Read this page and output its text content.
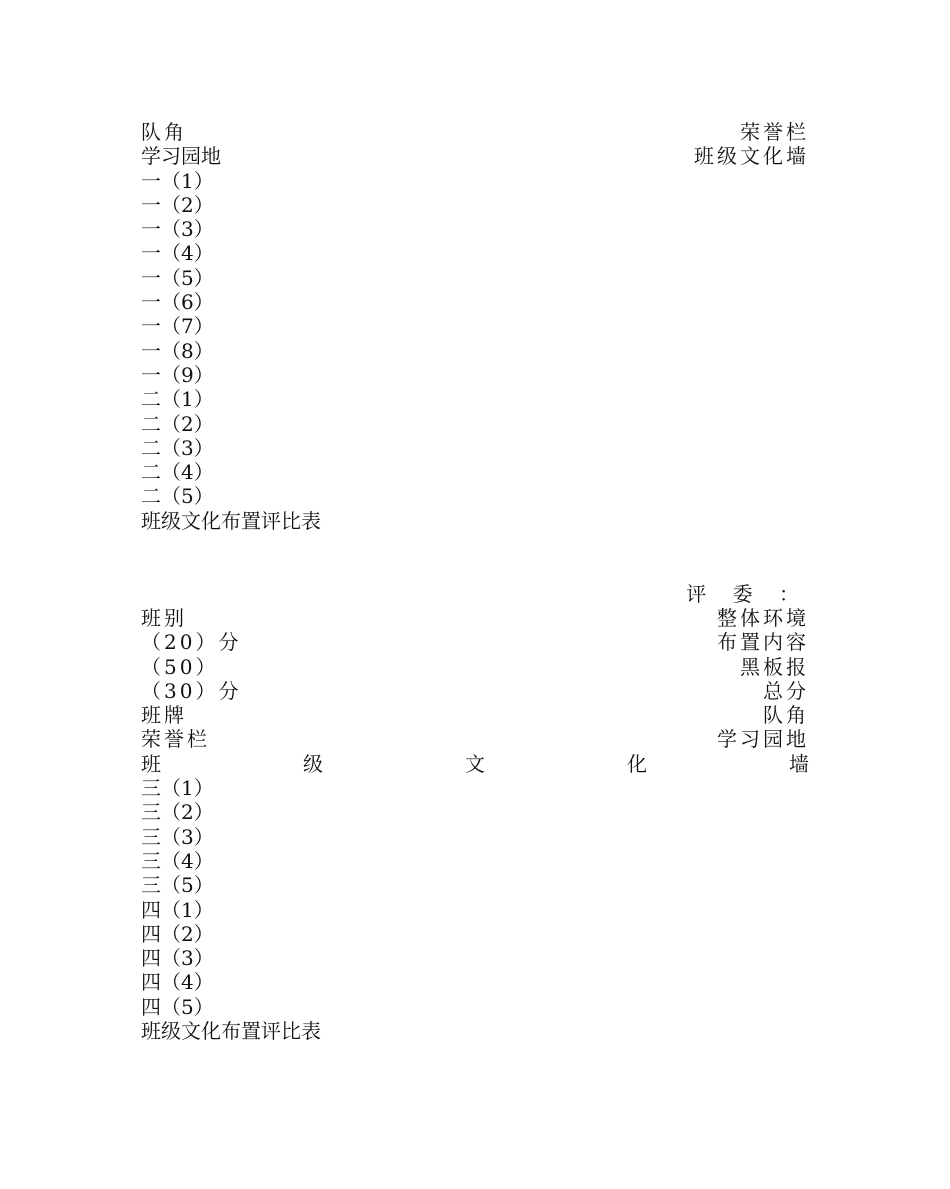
队角	荣誉栏
学习园地	班级文化墙
一（1）
一（2）
一（3）
一（4）
一（5）
一（6）
一（7）
一（8）
一（9）
二（1）
二（2）
二（3）
二（4）
二（5）
班级文化布置评比表
评 委 ：
班别	整体环境
（20）分	布置内容
（50）	黑板报
（30）分	总分
班牌	队角
荣誉栏	学习园地
班	级	文	化	墙
三（1）
三（2）
三（3）
三（4）
三（5）
四（1）
四（2）
四（3）
四（4）
四（5）
班级文化布置评比表
